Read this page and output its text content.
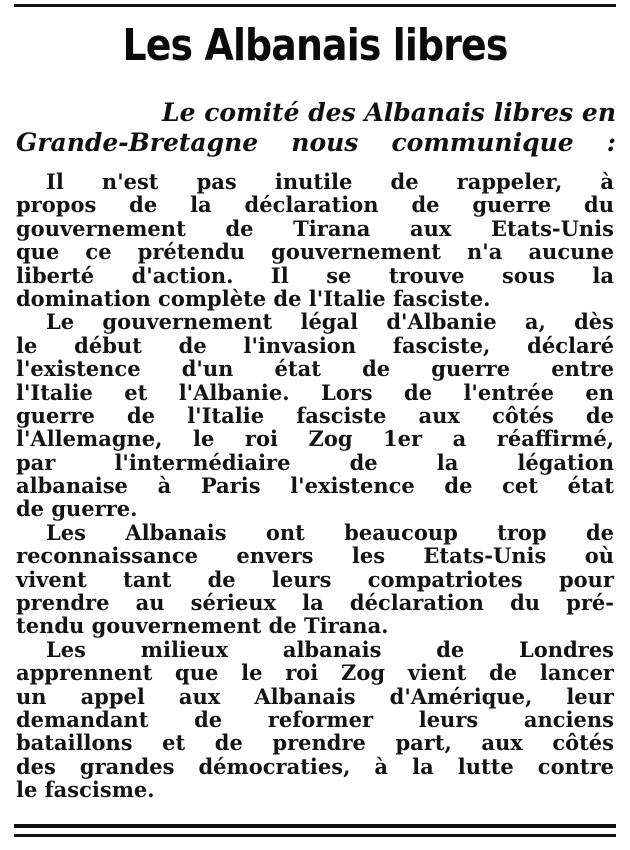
Les Albanais libres
Le comité des Albanais libres en
Grande-Bretagne nous communique :
Il n'est pas inutile de rappeler, à
propos de la déclaration de guerre du
gouvernement de Tirana aux Etats-Unis
que ce prétendu gouvernement n'a aucune
liberté d'action. Il se trouve sous la
domination complète de l'Italie fasciste.
Le gouvernement légal d'Albanie a, dès
le début de l'invasion fasciste, déclaré
l'existence d'un état de guerre entre
l'Italie et l'Albanie. Lors de l'entrée en
guerre de l'Italie fasciste aux côtés de
l'Allemagne, le roi Zog 1er a réaffirmé,
par l'intermédiaire de la légation
albanaise à Paris l'existence de cet état
de guerre.
Les Albanais ont beaucoup trop de
reconnaissance envers les Etats-Unis où
vivent tant de leurs compatriotes pour
prendre au sérieux la déclaration du pré-
tendu gouvernement de Tirana.
Les milieux albanais de Londres
apprennent que le roi Zog vient de lancer
un appel aux Albanais d'Amérique, leur
demandant de reformer leurs anciens
bataillons et de prendre part, aux côtés
des grandes démocraties, à la lutte contre
le fascisme.
